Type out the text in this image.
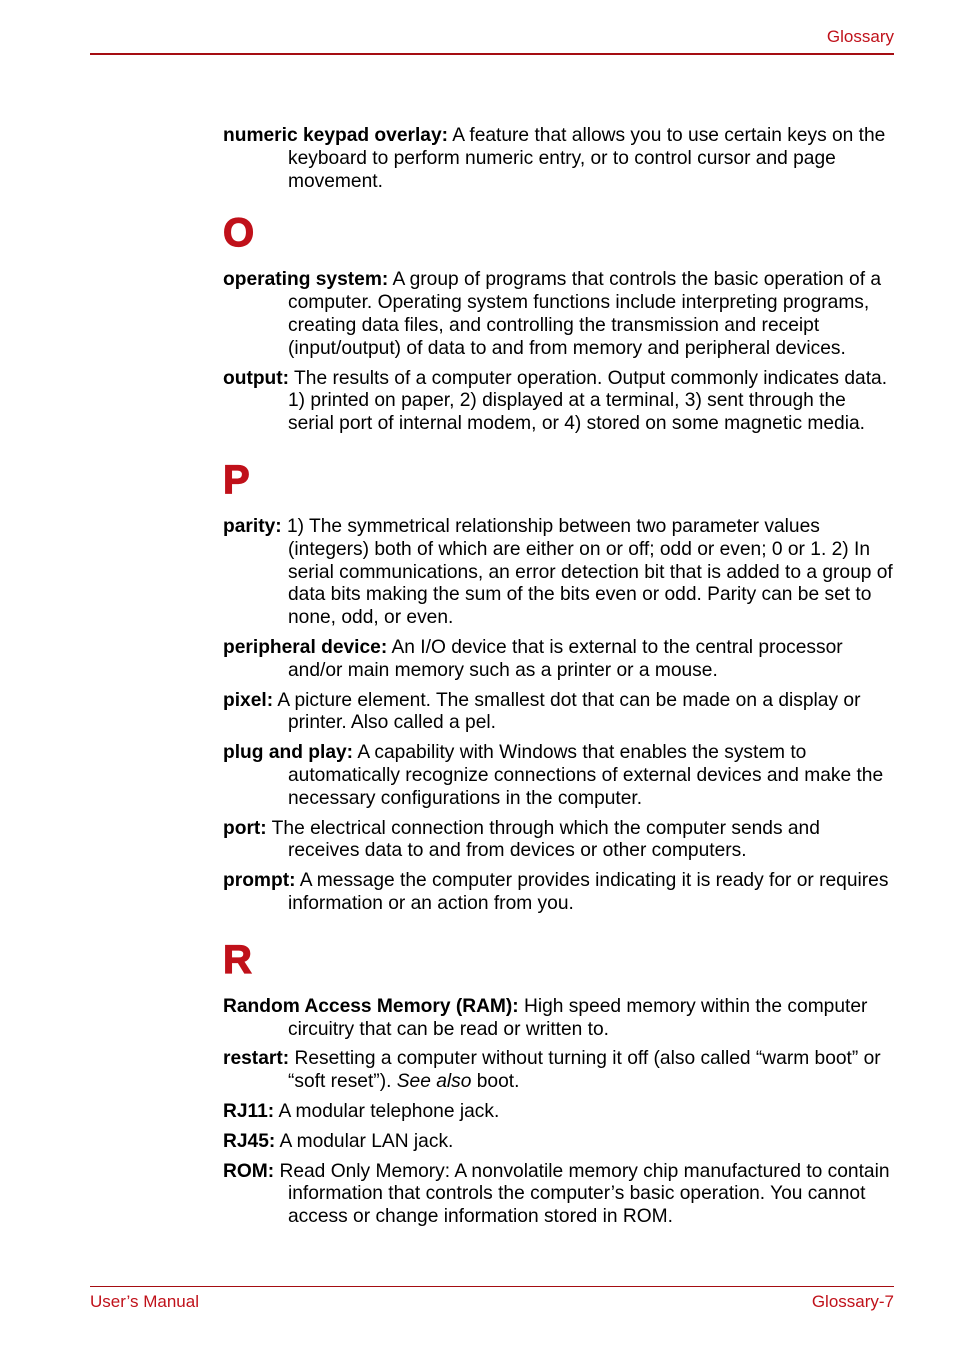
Glossary

numeric keypad overlay: A feature that allows you to use certain keys on the keyboard to perform numeric entry, or to control cursor and page movement.

O

operating system: A group of programs that controls the basic operation of a computer. Operating system functions include interpreting programs, creating data files, and controlling the transmission and receipt (input/output) of data to and from memory and peripheral devices.

output: The results of a computer operation. Output commonly indicates data. 1) printed on paper, 2) displayed at a terminal, 3) sent through the serial port of internal modem, or 4) stored on some magnetic media.

P

parity: 1) The symmetrical relationship between two parameter values (integers) both of which are either on or off; odd or even; 0 or 1. 2) In serial communications, an error detection bit that is added to a group of data bits making the sum of the bits even or odd. Parity can be set to none, odd, or even.

peripheral device: An I/O device that is external to the central processor and/or main memory such as a printer or a mouse.

pixel: A picture element. The smallest dot that can be made on a display or printer. Also called a pel.

plug and play: A capability with Windows that enables the system to automatically recognize connections of external devices and make the necessary configurations in the computer.

port: The electrical connection through which the computer sends and receives data to and from devices or other computers.

prompt: A message the computer provides indicating it is ready for or requires information or an action from you.

R

Random Access Memory (RAM): High speed memory within the computer circuitry that can be read or written to.

restart: Resetting a computer without turning it off (also called “warm boot” or “soft reset”). See also boot.

RJ11: A modular telephone jack.

RJ45: A modular LAN jack.

ROM: Read Only Memory: A nonvolatile memory chip manufactured to contain information that controls the computer’s basic operation. You cannot access or change information stored in ROM.

User’s Manual	Glossary-7
